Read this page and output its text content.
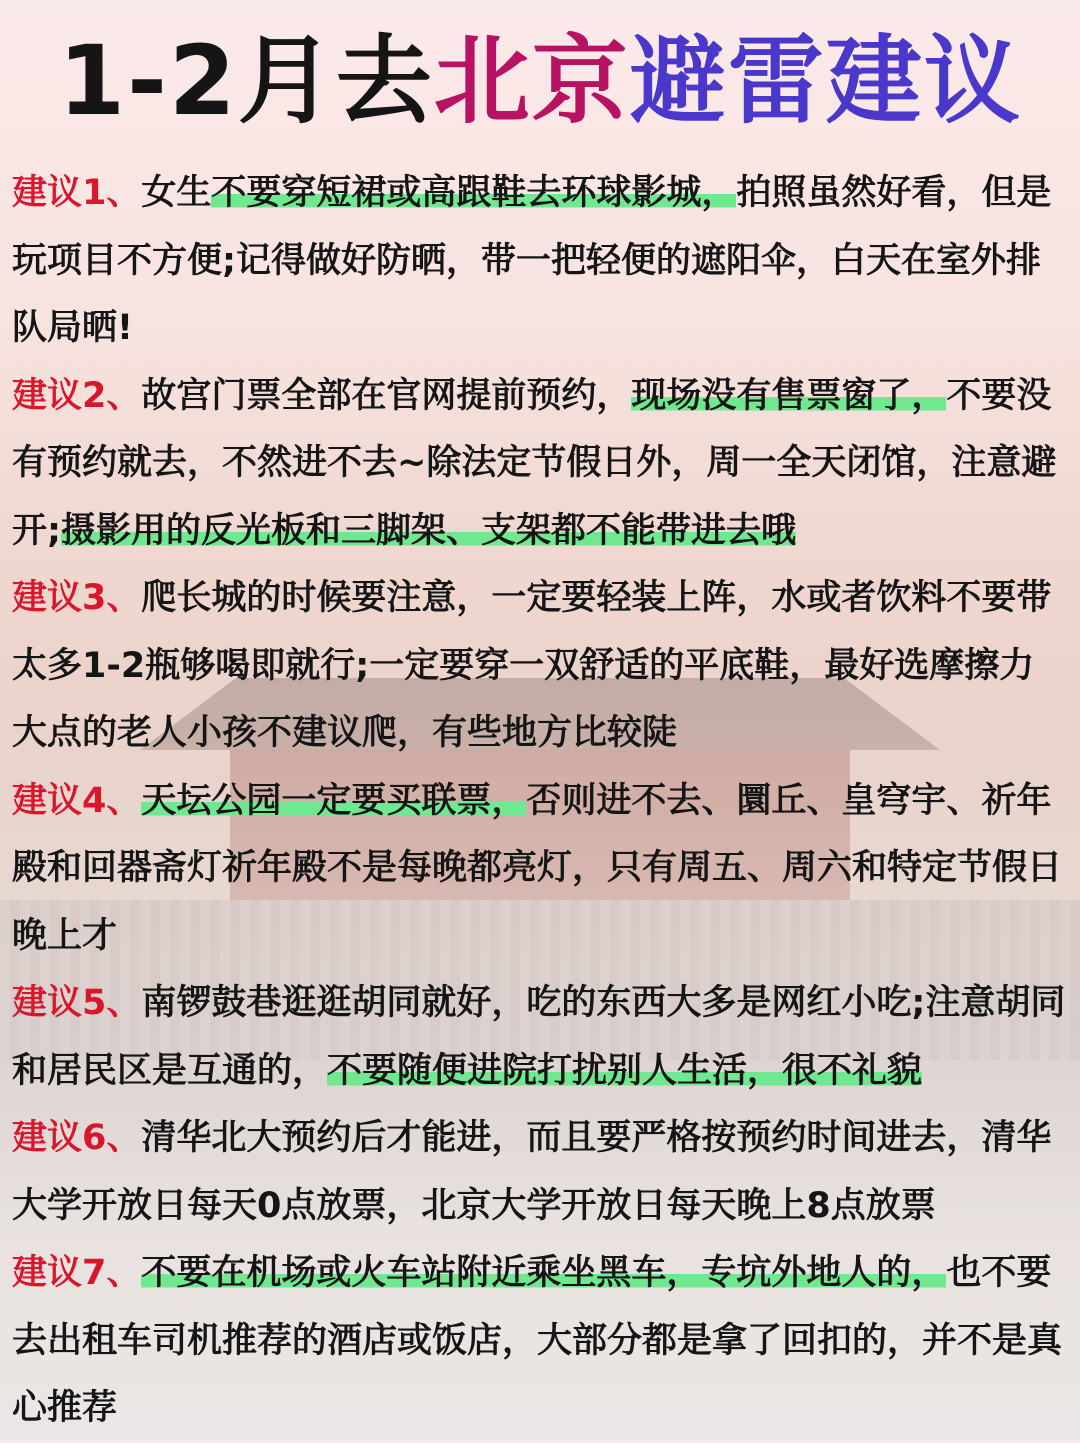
1-2月去北京避雷建议

建议1、女生不要穿短裙或高跟鞋去环球影城，拍照虽然好看，但是玩项目不方便;记得做好防晒，带一把轻便的遮阳伞，白天在室外排队局晒!

建议2、故宫门票全部在官网提前预约，现场没有售票窗了，不要没有预约就去，不然进不去~除法定节假日外，周一全天闭馆，注意避开;摄影用的反光板和三脚架、支架都不能带进去哦

建议3、爬长城的时候要注意，一定要轻装上阵，水或者饮料不要带太多1-2瓶够喝即就行;一定要穿一双舒适的平底鞋，最好选摩擦力大点的老人小孩不建议爬，有些地方比较陡

建议4、天坛公园一定要买联票，否则进不去、圜丘、皇穹宇、祈年殿和回器斋灯祈年殿不是每晚都亮灯，只有周五、周六和特定节假日晚上才

建议5、南锣鼓巷逛逛胡同就好，吃的东西大多是网红小吃;注意胡同和居民区是互通的，不要随便进院打扰别人生活，很不礼貌

建议6、清华北大预约后才能进，而且要严格按预约时间进去，清华大学开放日每天0点放票，北京大学开放日每天晚上8点放票

建议7、不要在机场或火车站附近乘坐黑车，专坑外地人的，也不要去出租车司机推荐的酒店或饭店，大部分都是拿了回扣的，并不是真心推荐
